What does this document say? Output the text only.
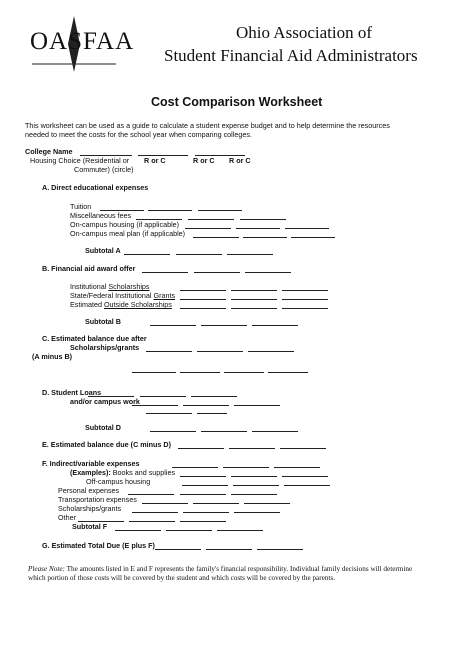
OASFAA	Ohio Association of
Student Financial Aid Administrators
Cost Comparison Worksheet
This worksheet can be used as a guide to calculate a student expense budget and to help determine the resources
needed to meet the costs for the school year when comparing colleges.
College Name
Housing Choice (Residential or
Commuter) (circle)
R or C	R or C R or C
A. Direct educational expenses
Tuition
Miscellaneous fees
On-campus housing (if applicable)
On-campus meal plan (if applicable)
Subtotal A
B. Financial aid award offer
Institutional Scholarships
State/Federal Institutional Grants
Estimated Outside Scholarships
Subtotal B
C. Estimated balance due after
Scholarships/grants
(A minus B)
D. Student Loans
and/or campus work
Subtotal D
E. Estimated balance due (C minus D)
F. Indirect/variable expenses
(Examples): Books and supplies
Off-campus housing
Personal expenses
Transportation expenses
Scholarships/grants
Other
Subtotal F
G. Estimated Total Due (E plus F)
Please Note: The amounts listed in E and F represents the family's financial responsibility. Individual family decisions will determine
which portion of those costs will be covered by the student and which costs will be covered by the parents.
